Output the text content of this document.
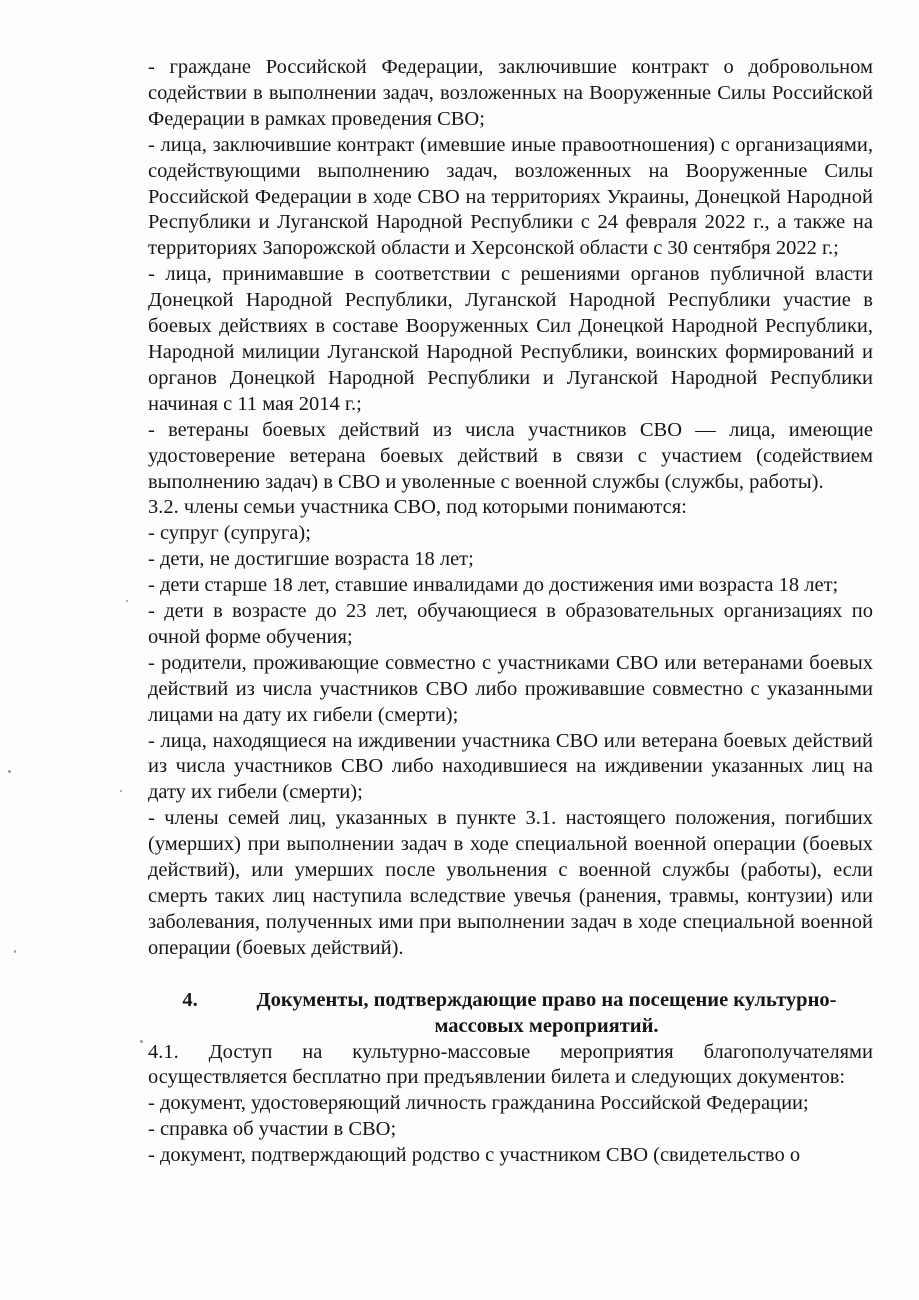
- граждане Российской Федерации, заключившие контракт о добровольном содействии в выполнении задач, возложенных на Вооруженные Силы Российской Федерации в рамках проведения СВО;

- лица, заключившие контракт (имевшие иные правоотношения) с организациями, содействующими выполнению задач, возложенных на Вооруженные Силы Российской Федерации в ходе СВО на территориях Украины, Донецкой Народной Республики и Луганской Народной Республики с 24 февраля 2022 г., а также на территориях Запорожской области и Херсонской области с 30 сентября 2022 г.;

- лица, принимавшие в соответствии с решениями органов публичной власти Донецкой Народной Республики, Луганской Народной Республики участие в боевых действиях в составе Вооруженных Сил Донецкой Народной Республики, Народной милиции Луганской Народной Республики, воинских формирований и органов Донецкой Народной Республики и Луганской Народной Республики начиная с 11 мая 2014 г.;

- ветераны боевых действий из числа участников СВО — лица, имеющие удостоверение ветерана боевых действий в связи с участием (содействием выполнению задач) в СВО и уволенные с военной службы (службы, работы).

3.2. члены семьи участника СВО, под которыми понимаются:

- супруг (супруга);

- дети, не достигшие возраста 18 лет;

- дети старше 18 лет, ставшие инвалидами до достижения ими возраста 18 лет;

- дети в возрасте до 23 лет, обучающиеся в образовательных организациях по очной форме обучения;

- родители, проживающие совместно с участниками СВО или ветеранами боевых действий из числа участников СВО либо проживавшие совместно с указанными лицами на дату их гибели (смерти);

- лица, находящиеся на иждивении участника СВО или ветерана боевых действий из числа участников СВО либо находившиеся на иждивении указанных лиц на дату их гибели (смерти);

- члены семей лиц, указанных в пункте 3.1. настоящего положения, погибших (умерших) при выполнении задач в ходе специальной военной операции (боевых действий), или умерших после увольнения с военной службы (работы), если смерть таких лиц наступила вследствие увечья (ранения, травмы, контузии) или заболевания, полученных ими при выполнении задач в ходе специальной военной операции (боевых действий).

4.	Документы, подтверждающие право на посещение культурно-массовых мероприятий.

4.1. Доступ на культурно-массовые мероприятия благополучателями осуществляется бесплатно при предъявлении билета и следующих документов:

- документ, удостоверяющий личность гражданина Российской Федерации;

- справка об участии в СВО;

- документ, подтверждающий родство с участником СВО (свидетельство о
